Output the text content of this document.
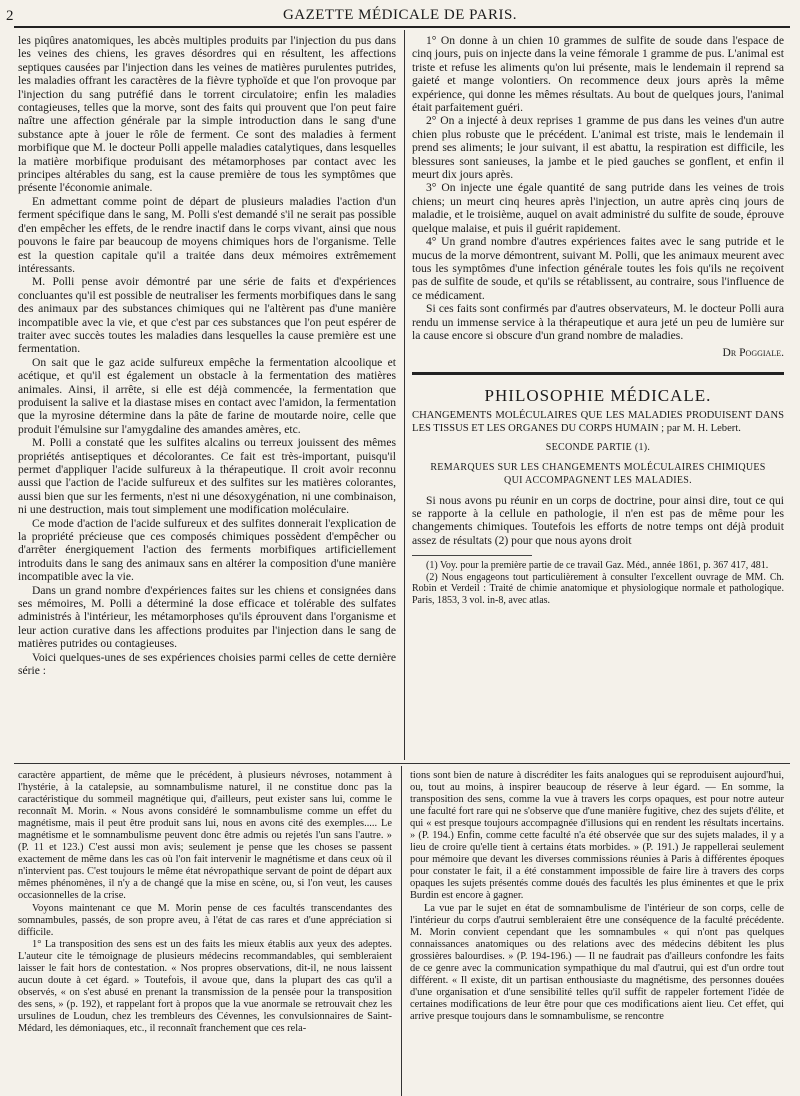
2	GAZETTE MÉDICALE DE PARIS.

les piqûres anatomiques, les abcès multiples produits par l'injection du pus dans les veines des chiens, les graves désordres qui en résultent, les affections septiques causées par l'injection dans les veines de matières purulentes putrides, les maladies offrant les caractères de la fièvre typhoïde et que l'on provoque par l'injection du sang putréfié dans le torrent circulatoire; enfin les maladies contagieuses, telles que la morve, sont des faits qui prouvent que l'on peut faire naître une affection générale par la simple introduction dans le sang d'une substance apte à jouer le rôle de ferment. Ce sont des maladies à ferment morbifique que M. le docteur Polli appelle maladies catalytiques, dans lesquelles la matière morbifique produisant des métamorphoses par contact avec les principes altérables du sang, est la cause première de tous les symptômes que présente l'économie animale.

En admettant comme point de départ de plusieurs maladies l'action d'un ferment spécifique dans le sang, M. Polli s'est demandé s'il ne serait pas possible d'en empêcher les effets, de le rendre inactif dans le corps vivant, ainsi que nous pouvons le faire par beaucoup de moyens chimiques hors de l'organisme. Telle est la question capitale qu'il a traitée dans deux mémoires extrêmement intéressants.

M. Polli pense avoir démontré par une série de faits et d'expériences concluantes qu'il est possible de neutraliser les ferments morbifiques dans le sang des animaux par des substances chimiques qui ne l'altèrent pas d'une manière incompatible avec la vie, et que c'est par ces substances que l'on peut espérer de traiter avec succès toutes les maladies dans lesquelles la cause première est une fermentation.

On sait que le gaz acide sulfureux empêche la fermentation alcoolique et acétique, et qu'il est également un obstacle à la fermentation des matières animales. Ainsi, il arrête, si elle est déjà commencée, la fermentation que produisent la salive et la diastase mises en contact avec l'amidon, la fermentation que la myrosine détermine dans la pâte de farine de moutarde noire, celle que produit l'émulsine sur l'amygdaline des amandes amères, etc.

M. Polli a constaté que les sulfites alcalins ou terreux jouissent des mêmes propriétés antiseptiques et décolorantes. Ce fait est très-important, puisqu'il permet d'appliquer l'acide sulfureux à la thérapeutique. Il croit avoir reconnu aussi que l'action de l'acide sulfureux et des sulfites sur les matières colorantes, aussi bien que sur les ferments, n'est ni une désoxygénation, ni une combinaison, ni une destruction, mais tout simplement une modification moléculaire.

Ce mode d'action de l'acide sulfureux et des sulfites donnerait l'explication de la propriété précieuse que ces composés chimiques possèdent d'empêcher ou d'arrêter énergiquement l'action des ferments morbifiques artificiellement introduits dans le sang des animaux sans en altérer la composition d'une manière incompatible avec la vie.

Dans un grand nombre d'expériences faites sur les chiens et consignées dans ses mémoires, M. Polli a déterminé la dose efficace et tolérable des sulfates administrés à l'intérieur, les métamorphoses qu'ils éprouvent dans l'organisme et leur action curative dans les affections produites par l'injection dans le sang de matières putrides ou contagieuses.

Voici quelques-unes de ses expériences choisies parmi celles de cette dernière série :

1° On donne à un chien 10 grammes de sulfite de soude dans l'espace de cinq jours, puis on injecte dans la veine fémorale 1 gramme de pus. L'animal est triste et refuse les aliments qu'on lui présente, mais le lendemain il reprend sa gaieté et mange volontiers. On recommence deux jours après la même expérience, qui donne les mêmes résultats. Au bout de quelques jours, l'animal était parfaitement guéri.

2° On a injecté à deux reprises 1 gramme de pus dans les veines d'un autre chien plus robuste que le précédent. L'animal est triste, mais le lendemain il prend ses aliments; le jour suivant, il est abattu, la respiration est difficile, les blessures sont sanieuses, la jambe et le pied gauches se gonflent, et enfin il meurt dix jours après.

3° On injecte une égale quantité de sang putride dans les veines de trois chiens; un meurt cinq heures après l'injection, un autre après cinq jours de maladie, et le troisième, auquel on avait administré du sulfite de soude, éprouve quelque malaise, et puis il guérit rapidement.

4° Un grand nombre d'autres expériences faites avec le sang putride et le mucus de la morve démontrent, suivant M. Polli, que les animaux meurent avec tous les symptômes d'une infection générale toutes les fois qu'ils ne reçoivent pas de sulfite de soude, et qu'ils se rétablissent, au contraire, sous l'influence de ce médicament.

Si ces faits sont confirmés par d'autres observateurs, M. le docteur Polli aura rendu un immense service à la thérapeutique et aura jeté un peu de lumière sur la cause encore si obscure d'un grand nombre de maladies.

Dr Poggiale.

PHILOSOPHIE MÉDICALE.

CHANGEMENTS MOLÉCULAIRES QUE LES MALADIES PRODUISENT DANS LES TISSUS ET LES ORGANES DU CORPS HUMAIN ; par M. H. Lebert.

SECONDE PARTIE (1).
REMARQUES SUR LES CHANGEMENTS MOLÉCULAIRES CHIMIQUES QUI ACCOMPAGNENT LES MALADIES.

Si nous avons pu réunir en un corps de doctrine, pour ainsi dire, tout ce qui se rapporte à la cellule en pathologie, il n'en est pas de même pour les changements chimiques. Toutefois les efforts de notre temps ont déjà produit assez de résultats (2) pour que nous ayons droit

(1) Voy. pour la première partie de ce travail Gaz. Méd., année 1861, p. 367 417, 481.

(2) Nous engageons tout particulièrement à consulter l'excellent ouvrage de MM. Ch. Robin et Verdeil : Traité de chimie anatomique et physiologique normale et pathologique. Paris, 1853, 3 vol. in-8, avec atlas.

caractère appartient, de même que le précédent, à plusieurs névroses, notamment à l'hystérie, à la catalepsie, au somnambulisme naturel, il ne constitue donc pas la caractéristique du sommeil magnétique qui, d'ailleurs, peut exister sans lui, comme le reconnaît M. Morin. « Nous avons considéré le somnambulisme comme un effet du magnétisme, mais il peut être produit sans lui, nous en avons cité des exemples..... Le magnétisme et le somnambulisme peuvent donc être admis ou rejetés l'un sans l'autre. » (P. 11 et 123.) C'est aussi mon avis; seulement je pense que les choses se passent exactement de même dans les cas où l'on fait intervenir le magnétisme et dans ceux où il n'intervient pas. C'est toujours le même état névropathique servant de point de départ aux mêmes phénomènes, il n'y a de changé que la mise en scène, ou, si l'on veut, les causes occasionnelles de la crise.

Voyons maintenant ce que M. Morin pense de ces facultés transcendantes des somnambules, passés, de son propre aveu, à l'état de cas rares et d'une appréciation si difficile.

1° La transposition des sens est un des faits les mieux établis aux yeux des adeptes. L'auteur cite le témoignage de plusieurs médecins recommandables, qui sembleraient laisser le fait hors de contestation. « Nos propres observations, dit-il, ne nous laissent aucun doute à cet égard. » Toutefois, il avoue que, dans la plupart des cas qu'il a observés, « on s'est abusé en prenant la transmission de la pensée pour la transposition des sens, » (p. 192), et rappelant fort à propos que la vue anormale se retrouvait chez les ursulines de Loudun, chez les trembleurs des Cévennes, les convulsionnaires de Saint-Médard, les démoniaques, etc., il reconnaît franchement que ces rela-

tions sont bien de nature à discréditer les faits analogues qui se reproduisent aujourd'hui, ou, tout au moins, à inspirer beaucoup de réserve à leur égard. — En somme, la transposition des sens, comme la vue à travers les corps opaques, est pour notre auteur une faculté fort rare qui ne s'observe que d'une manière fugitive, chez des sujets d'élite, et qui « est presque toujours accompagnée d'illusions qui en rendent les résultats incertains. » (P. 194.) Enfin, comme cette faculté n'a été observée que sur des sujets malades, il y a lieu de croire qu'elle tient à certains états morbides. » (P. 191.) Je rappellerai seulement pour mémoire que devant les diverses commissions réunies à Paris à différentes époques pour constater le fait, il a été constamment impossible de faire lire à travers des corps opaques les sujets présentés comme doués des facultés les plus éminentes et que le prix Burdin est encore à gagner.

La vue par le sujet en état de somnambulisme de l'intérieur de son corps, celle de l'intérieur du corps d'autrui sembleraient être une conséquence de la faculté précédente. M. Morin convient cependant que les somnambules « qui n'ont pas quelques connaissances anatomiques ou des relations avec des médecins débitent les plus grossières balourdises. » (P. 194-196.) — Il ne faudrait pas d'ailleurs confondre les faits de ce genre avec la communication sympathique du mal d'autrui, qui est d'un ordre tout différent. « Il existe, dit un partisan enthousiaste du magnétisme, des personnes douées d'une organisation et d'une sensibilité telles qu'il suffit de rappeler fortement l'idée de certaines modifications de leur être pour que ces modifications aient lieu. Cet effet, qui arrive presque toujours dans le somnambulisme, se rencontre
